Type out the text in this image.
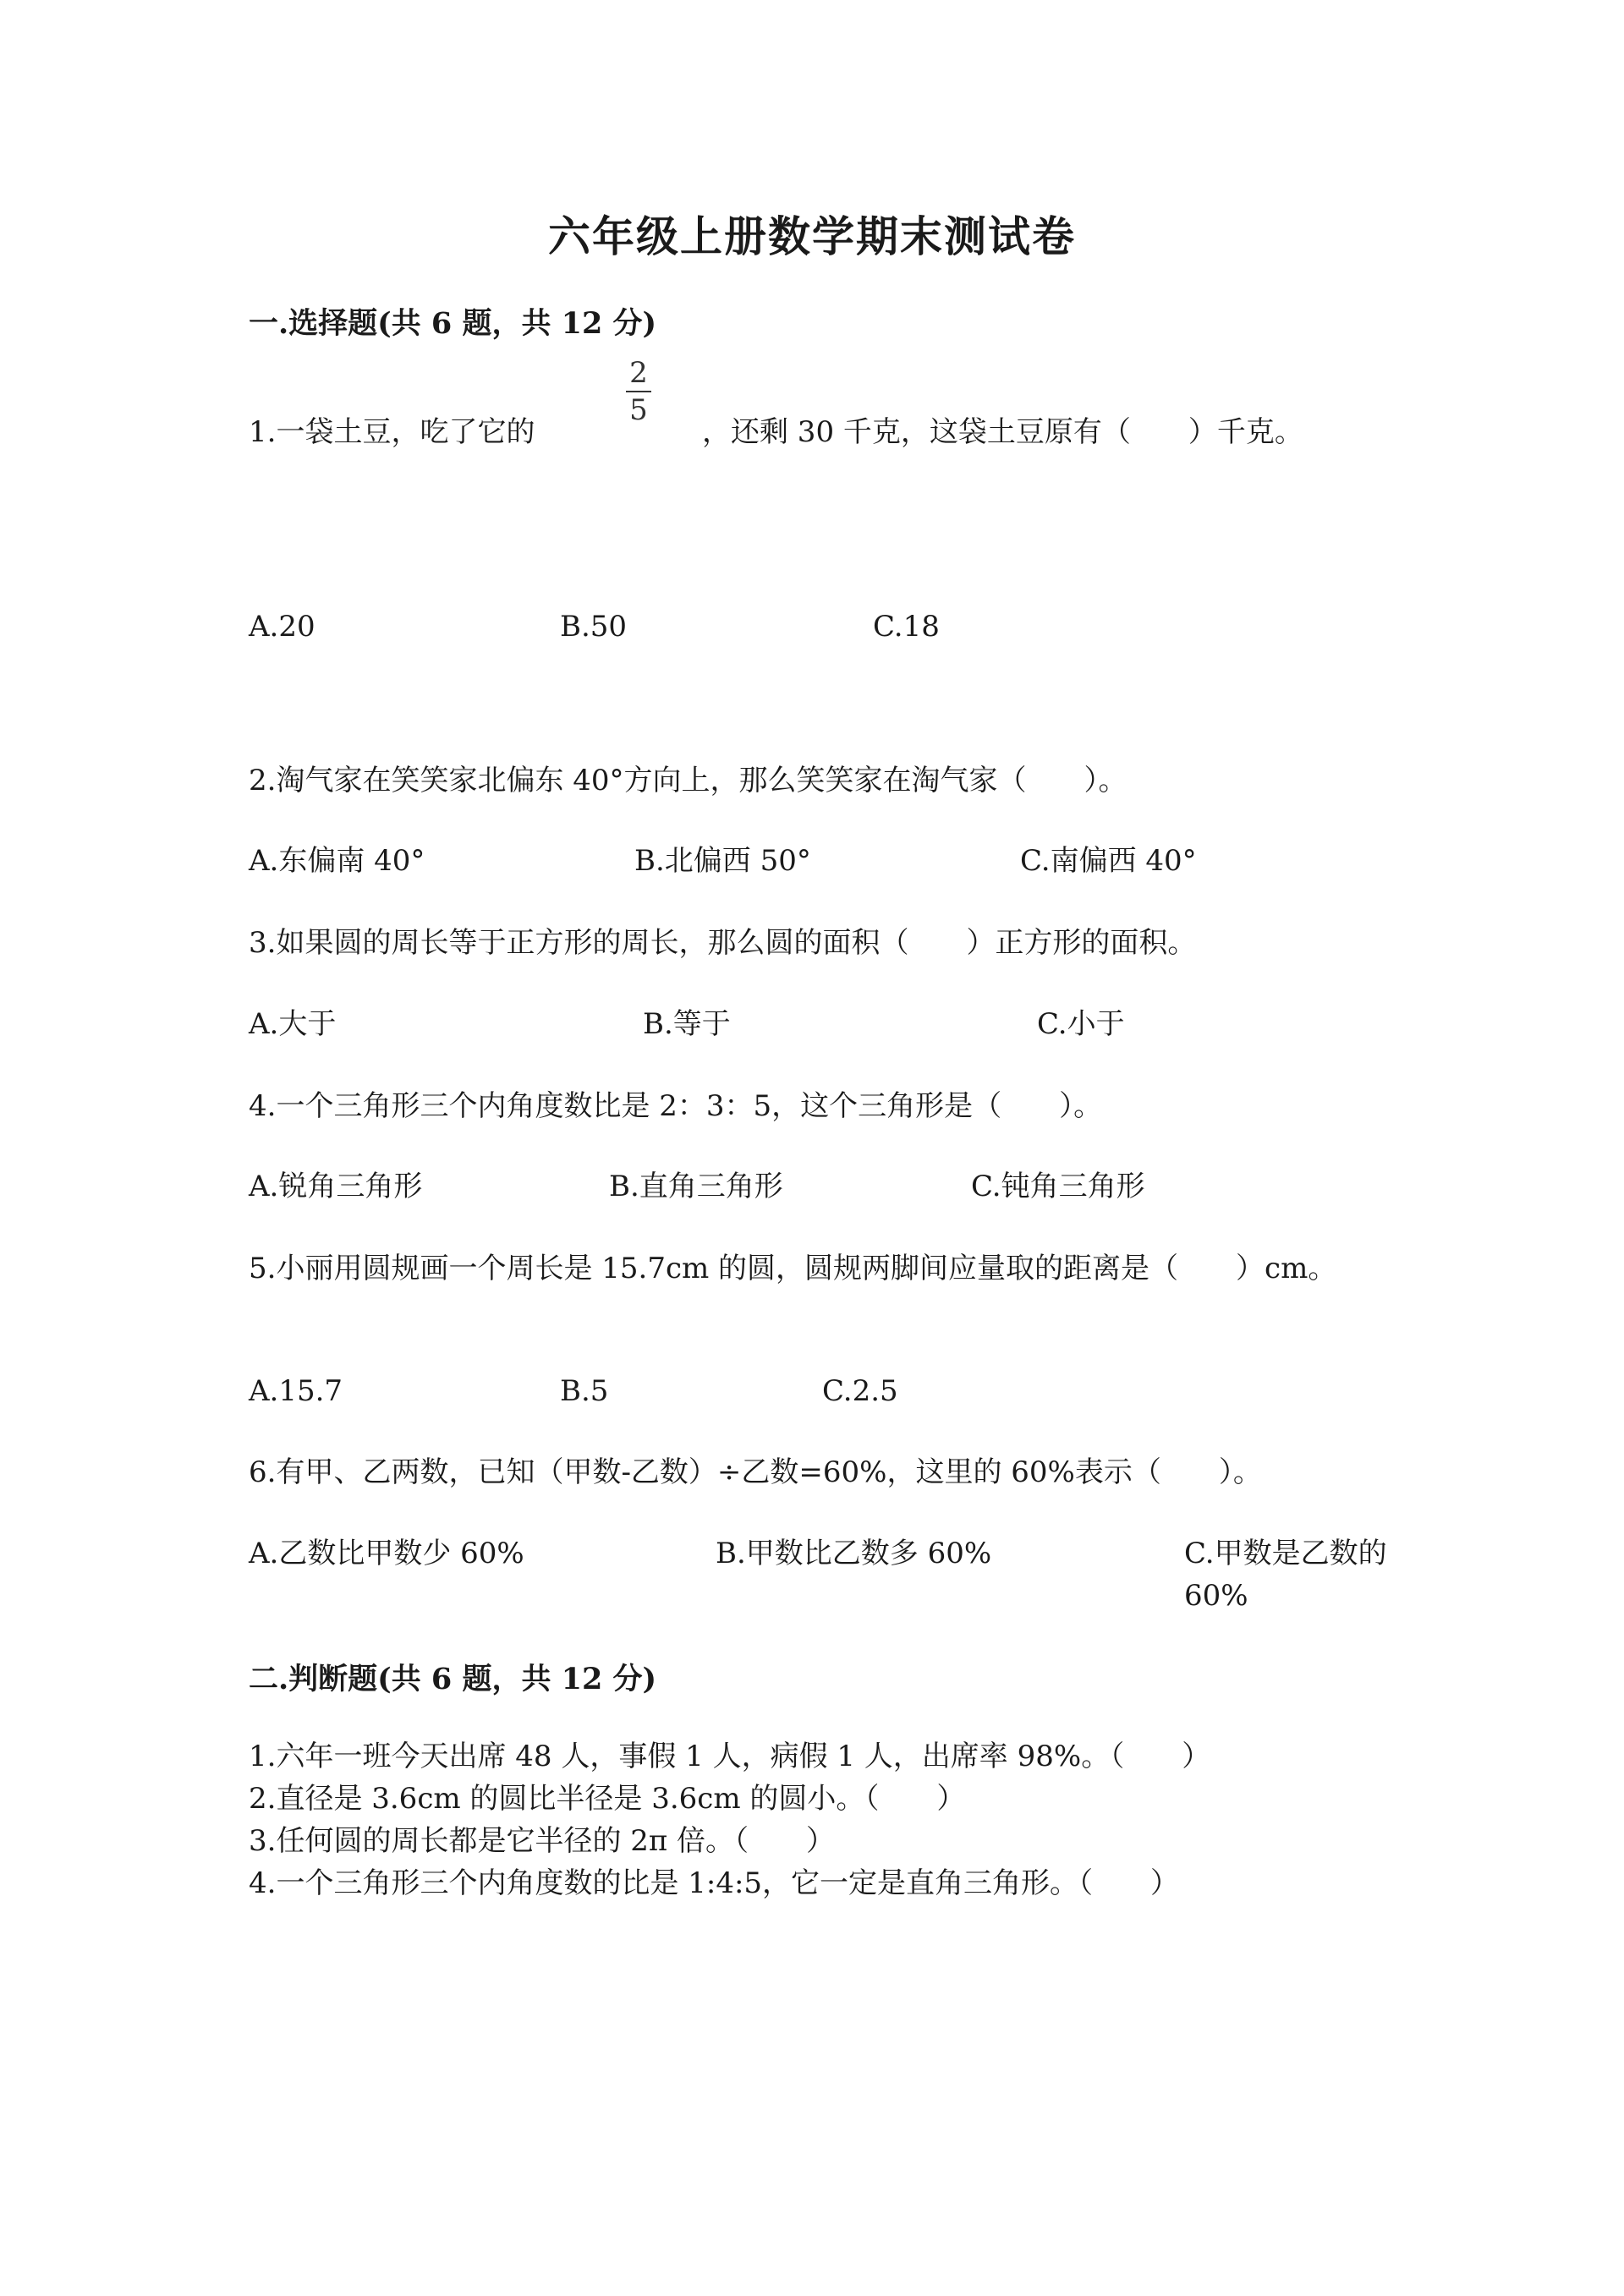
六年级上册数学期末测试卷
一.选择题(共 6 题，共 12 分)
1.一袋土豆，吃了它的
2
5
，还剩 30 千克，这袋土豆原有（　　）千克。
A.20	B.50	C.18
2.淘气家在笑笑家北偏东 40°方向上，那么笑笑家在淘气家（　　）。
A.东偏南 40°	B.北偏西 50°	C.南偏西 40°
3.如果圆的周长等于正方形的周长，那么圆的面积（　　）正方形的面积。
A.大于	B.等于	C.小于
4.一个三角形三个内角度数比是 2：3：5，这个三角形是（　　）。
A.锐角三角形	B.直角三角形	C.钝角三角形
5.小丽用圆规画一个周长是 15.7cm 的圆，圆规两脚间应量取的距离是（　　）cm。
A.15.7	B.5	C.2.5
6.有甲、乙两数，已知（甲数-乙数）÷乙数=60%，这里的 60%表示（　　）。
A.乙数比甲数少 60%	B.甲数比乙数多 60%	C.甲数是乙数的 60%
二.判断题(共 6 题，共 12 分)
1.六年一班今天出席 48 人，事假 1 人，病假 1 人，出席率 98%。（　　）
2.直径是 3.6cm 的圆比半径是 3.6cm 的圆小。（　　）
3.任何圆的周长都是它半径的 2π 倍。（　　）
4.一个三角形三个内角度数的比是 1:4:5，它一定是直角三角形。（　　）
